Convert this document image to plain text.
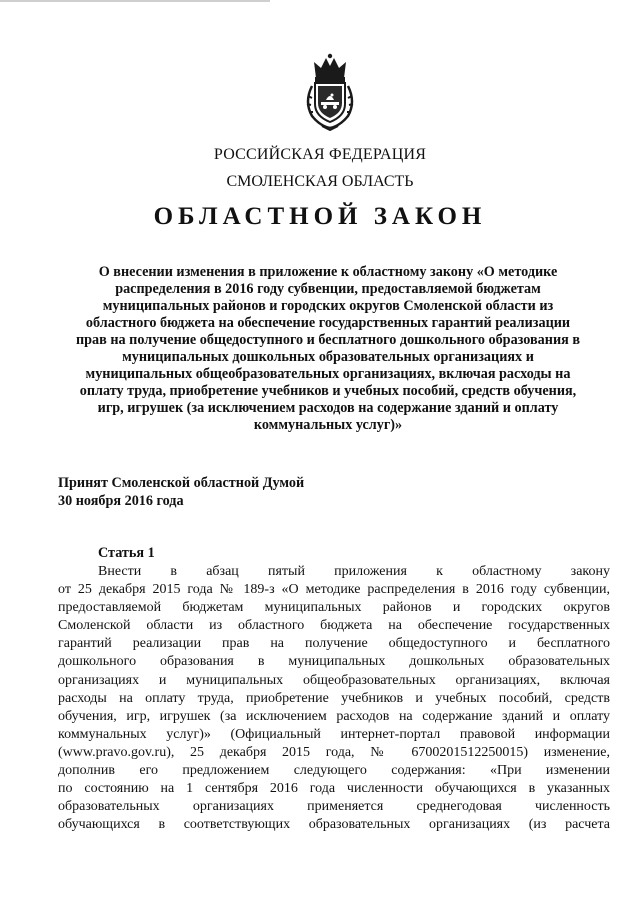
РОССИЙСКАЯ ФЕДЕРАЦИЯ
СМОЛЕНСКАЯ ОБЛАСТЬ
ОБЛАСТНОЙ ЗАКОН
О внесении изменения в приложение к областному закону «О методике
распределения в 2016 году субвенции, предоставляемой бюджетам
муниципальных районов и городских округов Смоленской области из
областного бюджета на обеспечение государственных гарантий реализации
прав на получение общедоступного и бесплатного дошкольного образования в
муниципальных дошкольных образовательных организациях и
муниципальных общеобразовательных организациях, включая расходы на
оплату труда, приобретение учебников и учебных пособий, средств обучения,
игр, игрушек (за исключением расходов на содержание зданий и оплату
коммунальных услуг)»
Принят Смоленской областной Думой
30 ноября 2016 года
Статья 1
Внести в абзац пятый приложения к областному закону
от 25 декабря 2015 года № 189-з «О методике распределения в 2016 году субвенции,
предоставляемой бюджетам муниципальных районов и городских округов
Смоленской области из областного бюджета на обеспечение государственных
гарантий реализации прав на получение общедоступного и бесплатного
дошкольного образования в муниципальных дошкольных образовательных
организациях и муниципальных общеобразовательных организациях, включая
расходы на оплату труда, приобретение учебников и учебных пособий, средств
обучения, игр, игрушек (за исключением расходов на содержание зданий и оплату
коммунальных услуг)» (Официальный интернет-портал правовой информации
(www.pravo.gov.ru), 25 декабря 2015 года, № 6700201512250015) изменение,
дополнив его предложением следующего содержания: «При изменении
по состоянию на 1 сентября 2016 года численности обучающихся в указанных
образовательных организациях применяется среднегодовая численность
обучающихся в соответствующих образовательных организациях (из расчета
